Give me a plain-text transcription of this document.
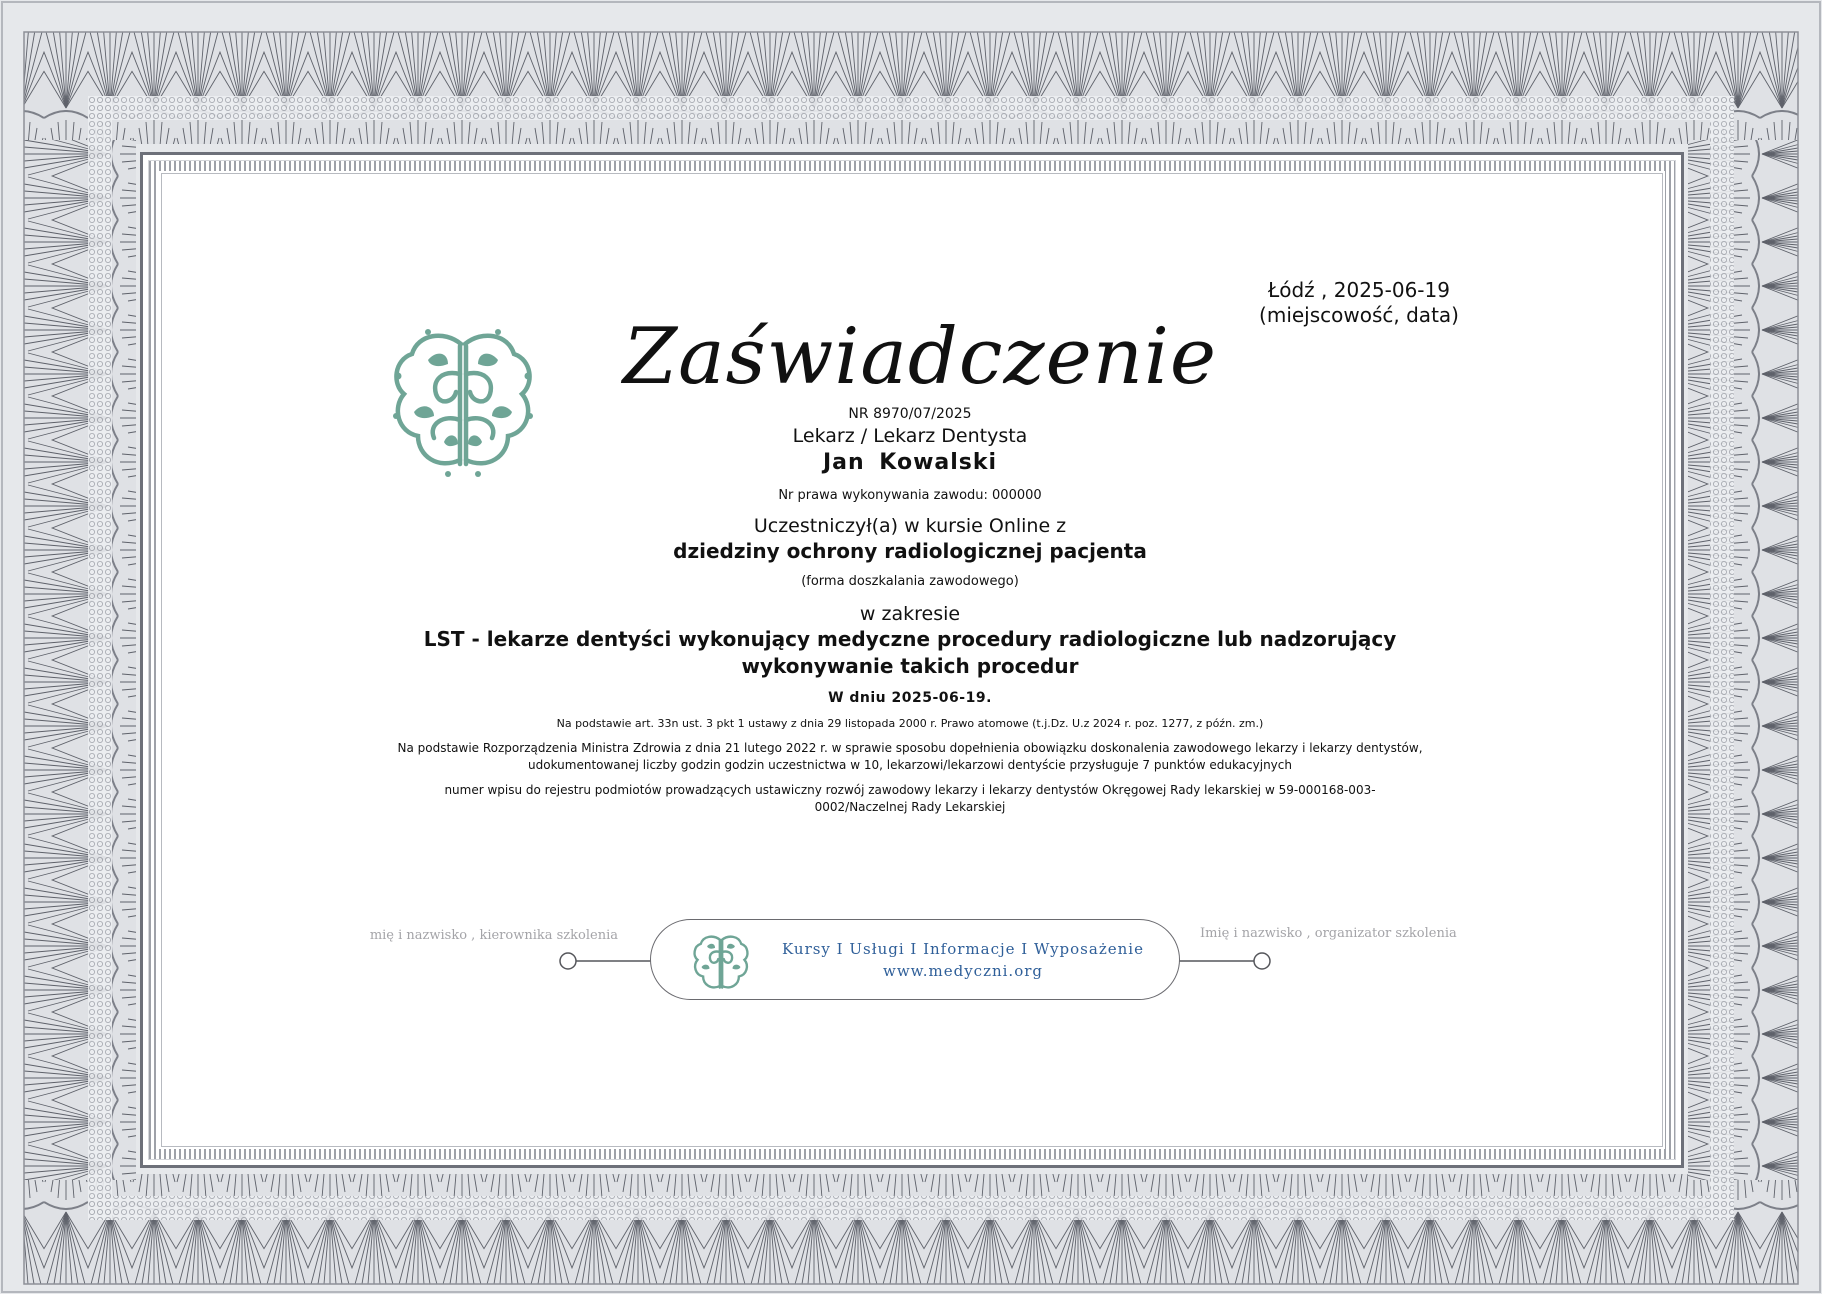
Łódź , 2025-06-19
(miejscowość, data)
Zaświadczenie
NR 8970/07/2025
Lekarz / Lekarz Dentysta
Jan Kowalski
Nr prawa wykonywania zawodu: 000000
Uczestniczył(a) w kursie Online z
dziedziny ochrony radiologicznej pacjenta
(forma doszkalania zawodowego)
w zakresie
LST - lekarze dentyści wykonujący medyczne procedury radiologiczne lub nadzorujący wykonywanie takich procedur
W dniu 2025-06-19.
Na podstawie art. 33n ust. 3 pkt 1 ustawy z dnia 29 listopada 2000 r. Prawo atomowe (t.j.Dz. U.z 2024 r. poz. 1277, z późn. zm.)
Na podstawie Rozporządzenia Ministra Zdrowia z dnia 21 lutego 2022 r. w sprawie sposobu dopełnienia obowiązku doskonalenia zawodowego lekarzy i lekarzy dentystów, udokumentowanej liczby godzin godzin uczestnictwa w 10, lekarzowi/lekarzowi dentyście przysługuje 7 punktów edukacyjnych
numer wpisu do rejestru podmiotów prowadzących ustawiczny rozwój zawodowy lekarzy i lekarzy dentystów Okręgowej Rady lekarskiej w 59-000168-003-0002/Naczelnej Rady Lekarskiej
mię i nazwisko , kierownika szkolenia	Imię i nazwisko , organizator szkolenia
Kursy I Usługi I Informacje I Wyposażenie
www.medyczni.org
